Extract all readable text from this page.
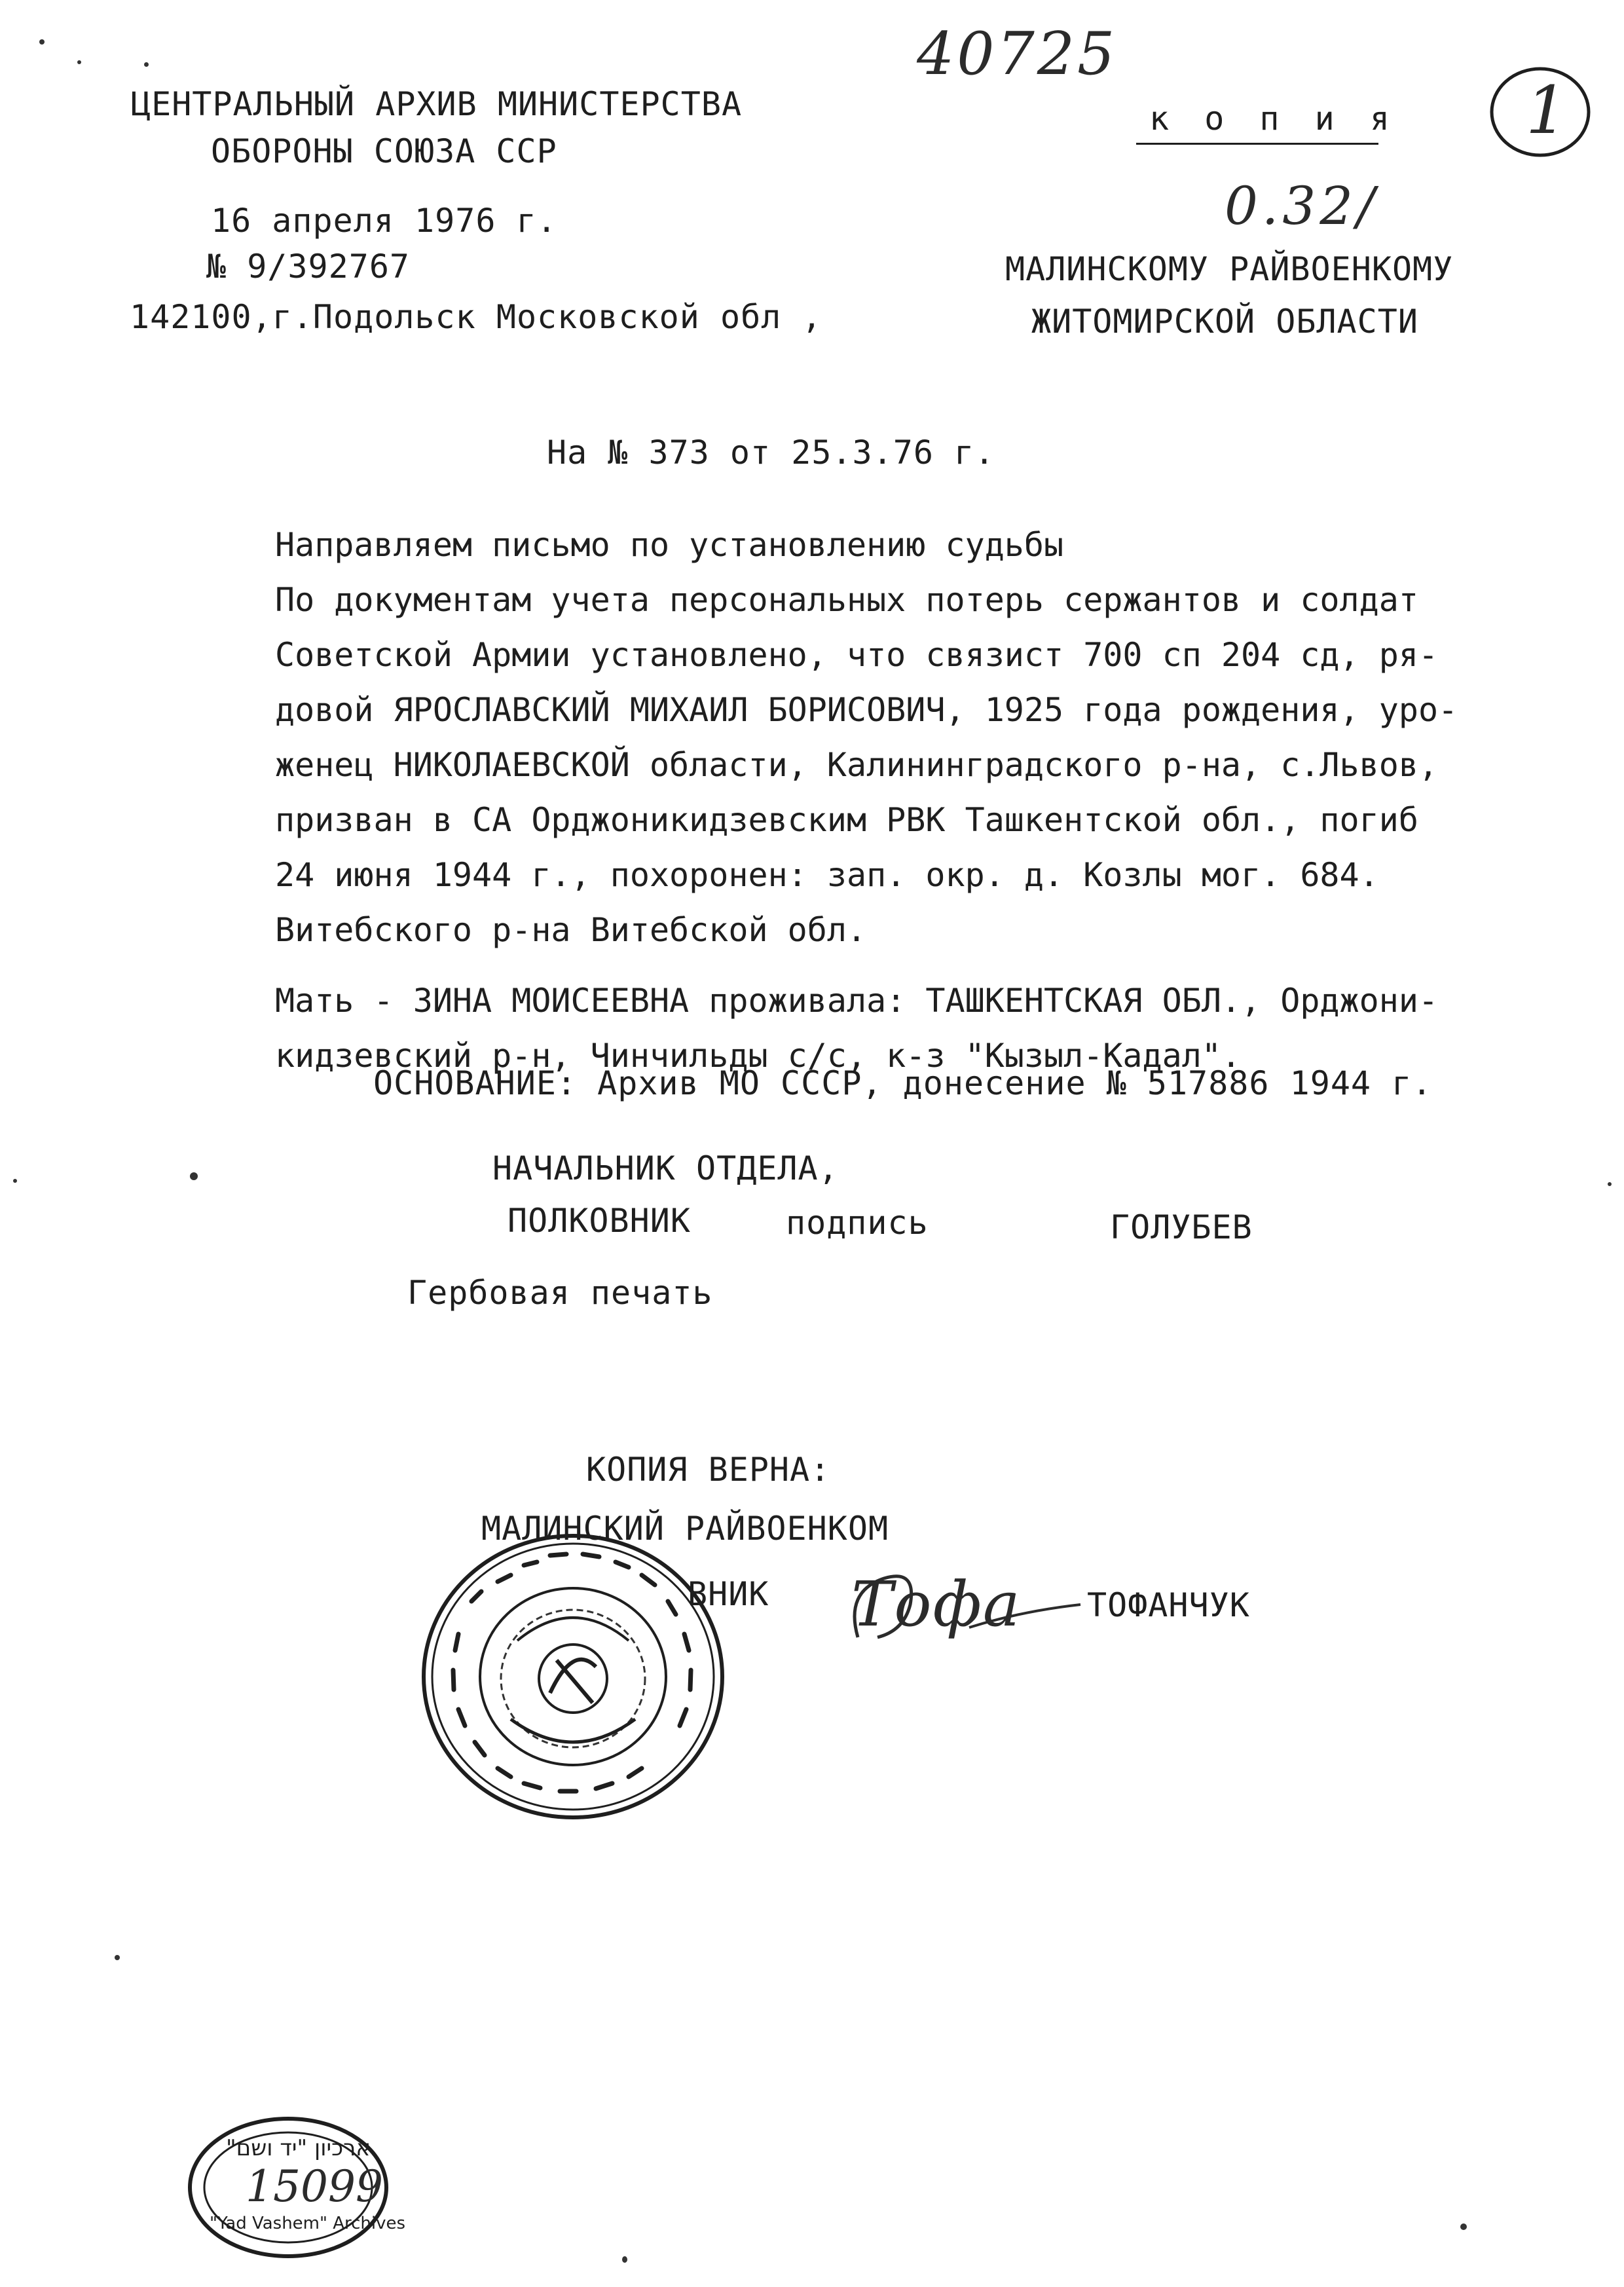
40725
1
ЦЕНТРАЛЬНЫЙ АРХИВ МИНИСТЕРСТВА
ОБОРОНЫ СОЮЗА ССР
16 апреля 1976 г.
№ 9/392767
142100,г.Подольск Московской обл ,
к о п и я
0.32/
МАЛИНСКОМУ РАЙВОЕНКОМУ
ЖИТОМИРСКОЙ ОБЛАСТИ
На № 373 от 25.3.76 г.

Направляем письмо по установлению судьбы

По документам учета персональных потерь сержантов и солдат

Советской Армии установлено, что связист 700 сп 204 сд, ря-

довой ЯРОСЛАВСКИЙ МИХАИЛ БОРИСОВИЧ, 1925 года рождения, уро-

женец НИКОЛАЕВСКОЙ области, Калининградского р-на, с.Львов,

призван в СА Орджоникидзевским РВК Ташкентской обл., погиб

24 июня 1944 г., похоронен: зап. окр. д. Козлы мог. 684.

Витебского р-на Витебской обл.

Мать - ЗИНА МОИСЕЕВНА проживала: ТАШКЕНТСКАЯ ОБЛ., Орджони-

кидзевский р-н, Чинчильды с/с, к-з "Кызыл-Кадал".

ОСНОВАНИЕ: Архив МО СССР, донесение № 517886 1944 г.
НАЧАЛЬНИК ОТДЕЛА,
ПОЛКОВНИК	подпись	ГОЛУБЕВ
Гербовая печать
КОПИЯ ВЕРНА:
МАЛИНСКИЙ РАЙВОЕНКОМ
ВНИК Тофа ТОФАНЧУК
ארכיון "יד ושם"
15099
"Yad Vashem" Archives
